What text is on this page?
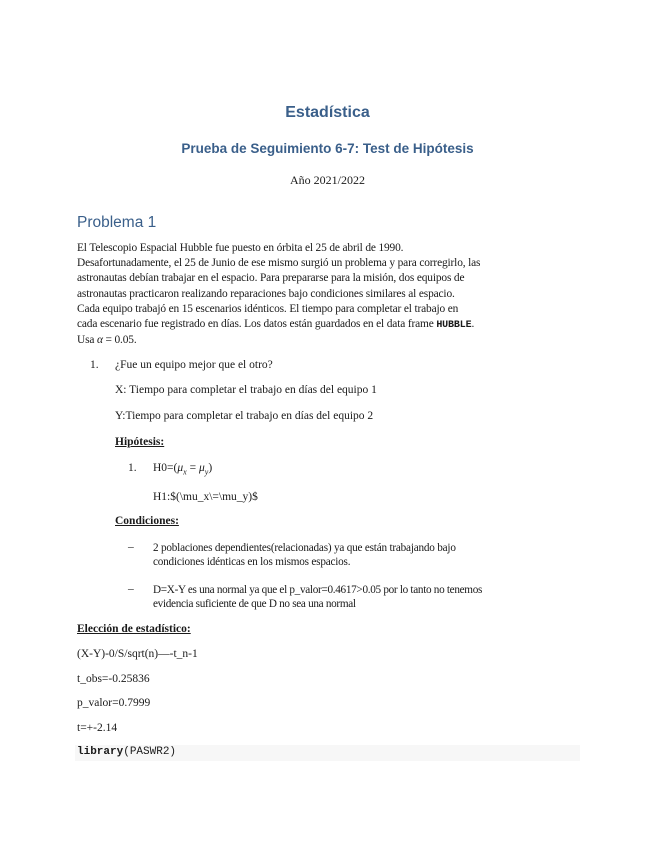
Estadística
Prueba de Seguimiento 6-7: Test de Hipótesis
Año 2021/2022
Problema 1

El Telescopio Espacial Hubble fue puesto en órbita el 25 de abril de 1990.

Desafortunadamente, el 25 de Junio de ese mismo surgió un problema y para corregirlo, las

astronautas debían trabajar en el espacio. Para prepararse para la misión, dos equipos de

astronautas practicaron realizando reparaciones bajo condiciones similares al espacio.

Cada equipo trabajó en 15 escenarios idénticos. El tiempo para completar el trabajo en

cada escenario fue registrado en días. Los datos están guardados en el data frame HUBBLE.

Usa α = 0.05.

1. ¿Fue un equipo mejor que el otro?
X: Tiempo para completar el trabajo en días del equipo 1
Y:Tiempo para completar el trabajo en días del equipo 2
Hipótesis:
1. $H0=(\mu_x = \mu_y)$
H1:$(\mu_x\=\mu_y)$
Condiciones:
– 2 poblaciones dependientes(relacionadas) ya que están trabajando bajo
condiciones idénticas en los mismos espacios.
– D=X-Y es una normal ya que el p_valor=0.4617>0.05 por lo tanto no tenemos
evidencia suficiente de que D no sea una normal
Elección de estadístico:
(X-Y)-0/S/sqrt(n)—-t_n-1
t_obs=-0.25836
p_valor=0.7999
t=+-2.14
library(PASWR2)
